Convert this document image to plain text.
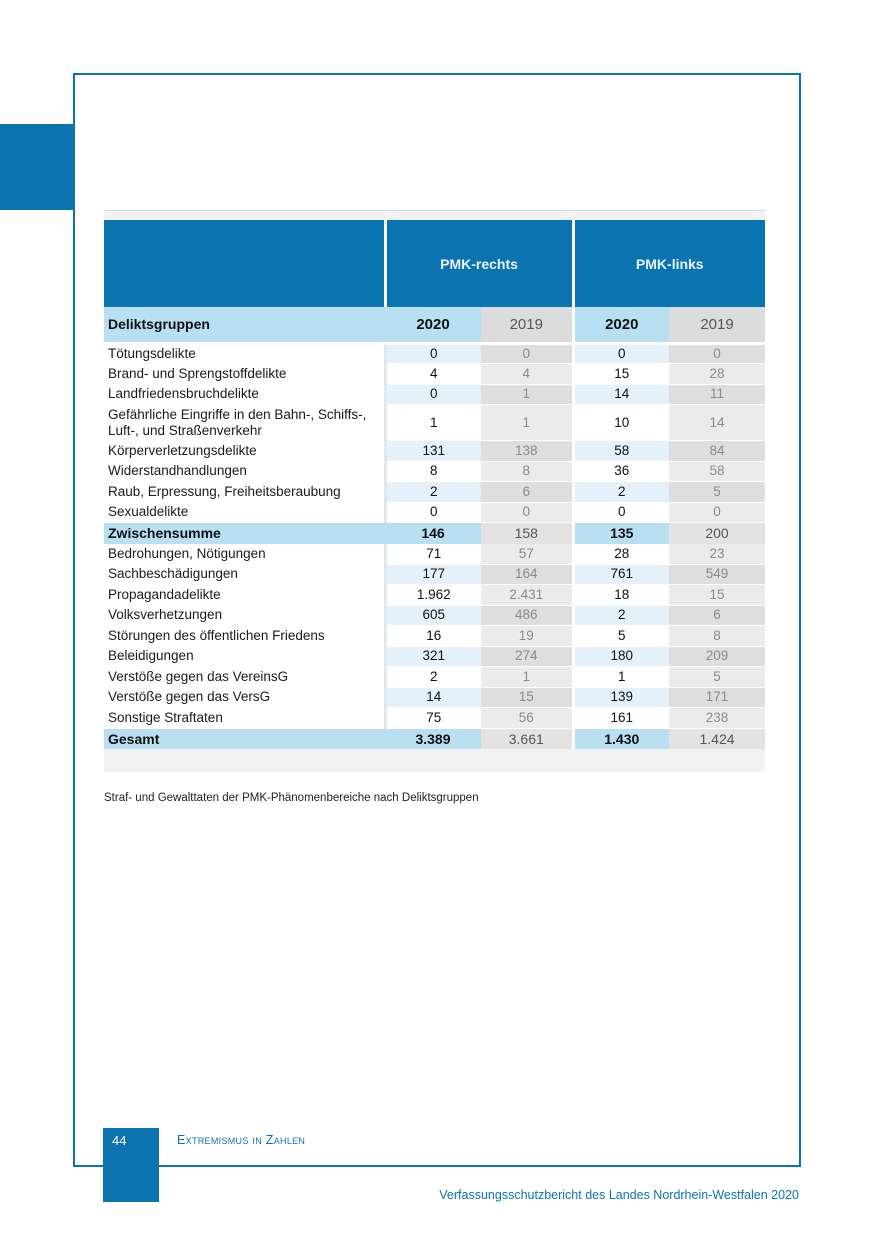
	PMK-rechts		PMK-links	
Deliktsgruppen	2020	2019	2020	2019
Tötungsdelikte	0	0	0	0
Brand- und Sprengstoffdelikte	4	4	15	28
Landfriedensbruchdelikte	0	1	14	11
Gefährliche Eingriffe in den Bahn-, Schiffs-, Luft-, und Straßenverkehr	1	1	10	14
Körperverletzungsdelikte	131	138	58	84
Widerstandhandlungen	8	8	36	58
Raub, Erpressung, Freiheitsberaubung	2	6	2	5
Sexualdelikte	0	0	0	0
Zwischensumme	146	158	135	200
Bedrohungen, Nötigungen	71	57	28	23
Sachbeschädigungen	177	164	761	549
Propagandadelikte	1.962	2.431	18	15
Volksverhetzungen	605	486	2	6
Störungen des öffentlichen Friedens	16	19	5	8
Beleidigungen	321	274	180	209
Verstöße gegen das VereinsG	2	1	1	5
Verstöße gegen das VersG	14	15	139	171
Sonstige Straftaten	75	56	161	238
Gesamt	3.389	3.661	1.430	1.424
Straf- und Gewalttaten der PMK-Phänomenbereiche nach Deliktsgruppen
44	Extremismus in Zahlen
Verfassungsschutzbericht des Landes Nordrhein-Westfalen 2020
